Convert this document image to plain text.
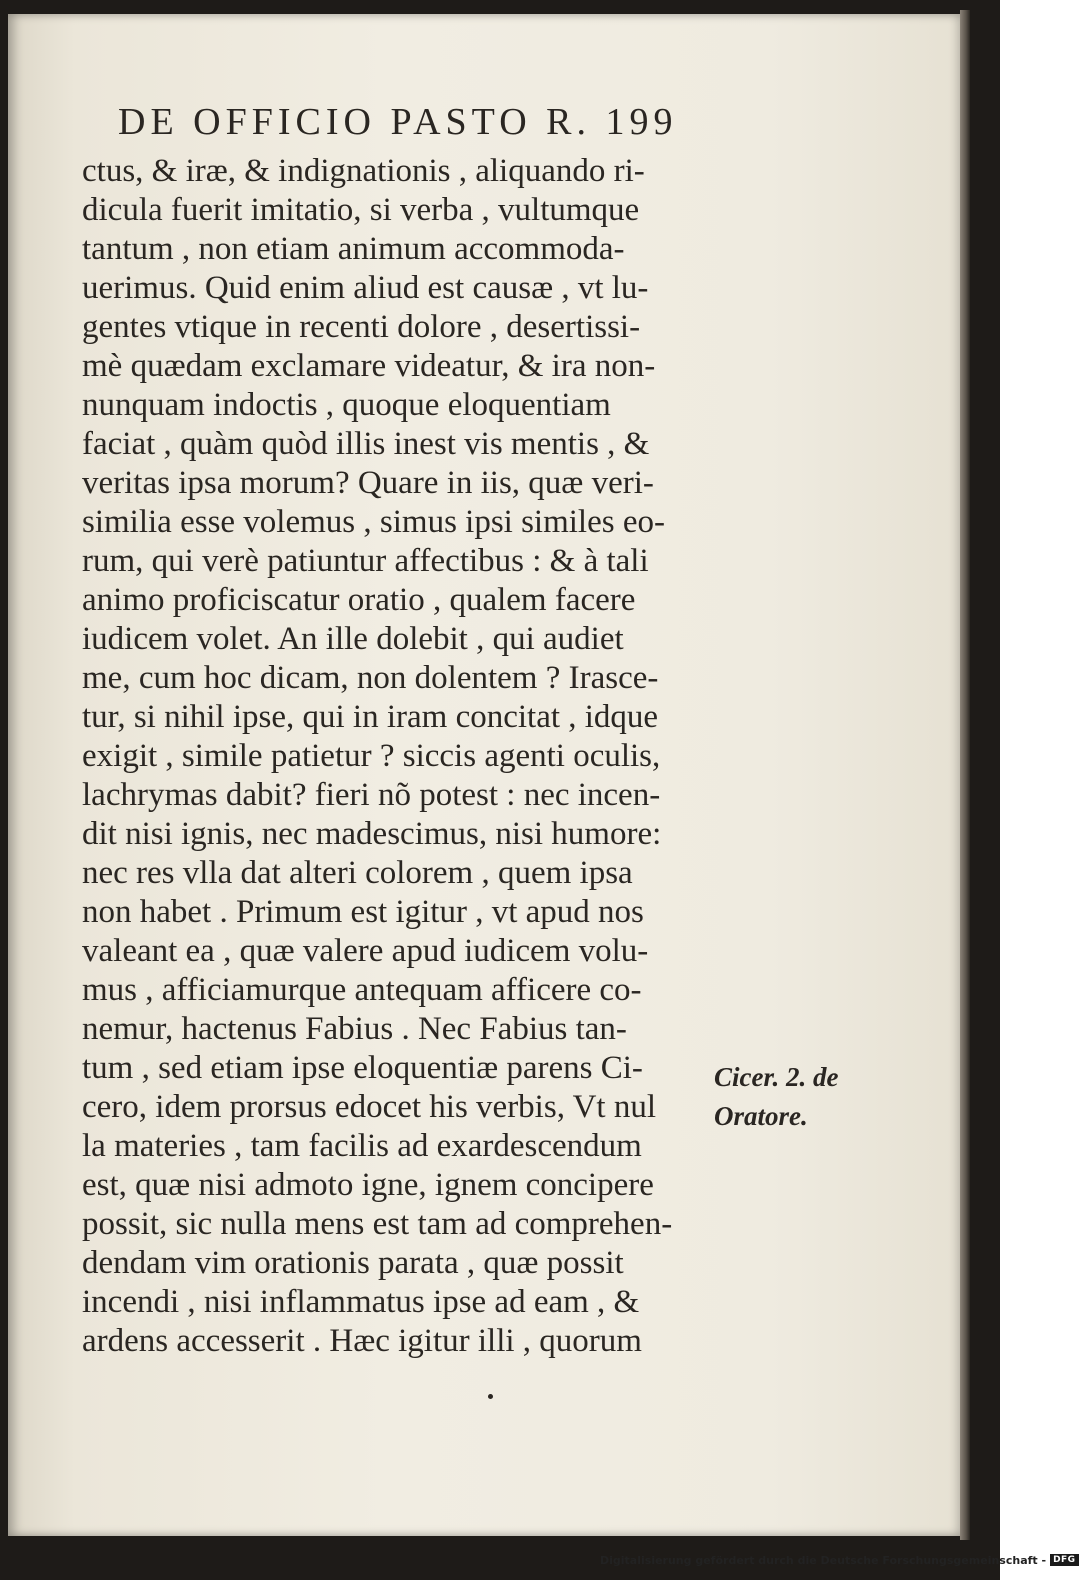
DE OFFICIO PASTO R. 199
ctus, & iræ, & indignationis , aliquando ri-
dicula fuerit imitatio, si verba , vultumque
tantum , non etiam animum accommoda-
uerimus. Quid enim aliud est causæ , vt lu-
gentes vtique in recenti dolore , desertissi-
mè quædam exclamare videatur, & ira non-
nunquam indoctis , quoque eloquentiam
faciat , quàm quòd illis inest vis mentis , &
veritas ipsa morum? Quare in iis, quæ veri-
similia esse volemus , simus ipsi similes eo-
rum, qui verè patiuntur affectibus : & à tali
animo proficiscatur oratio , qualem facere
iudicem volet. An ille dolebit , qui audiet
me, cum hoc dicam, non dolentem ? Irasce-
tur, si nihil ipse, qui in iram concitat , idque
exigit , simile patietur ? siccis agenti oculis,
lachrymas dabit? fieri nõ potest : nec incen-
dit nisi ignis, nec madescimus, nisi humore:
nec res vlla dat alteri colorem , quem ipsa
non habet . Primum est igitur , vt apud nos
valeant ea , quæ valere apud iudicem volu-
mus , afficiamurque antequam afficere co-
nemur, hactenus Fabius . Nec Fabius tan-
tum , sed etiam ipse eloquentiæ parens Ci-
cero, idem prorsus edocet his verbis, Vt nul
la materies , tam facilis ad exardescendum
est, quæ nisi admoto igne, ignem concipere
possit, sic nulla mens est tam ad comprehen-
dendam vim orationis parata , quæ possit
incendi , nisi inflammatus ipse ad eam , &
ardens accesserit . Hæc igitur illi , quorum
Cicer. 2. de
Oratore.
Digitalisierung gefördert durch die Deutsche Forschungsgemeinschaft - DFG
